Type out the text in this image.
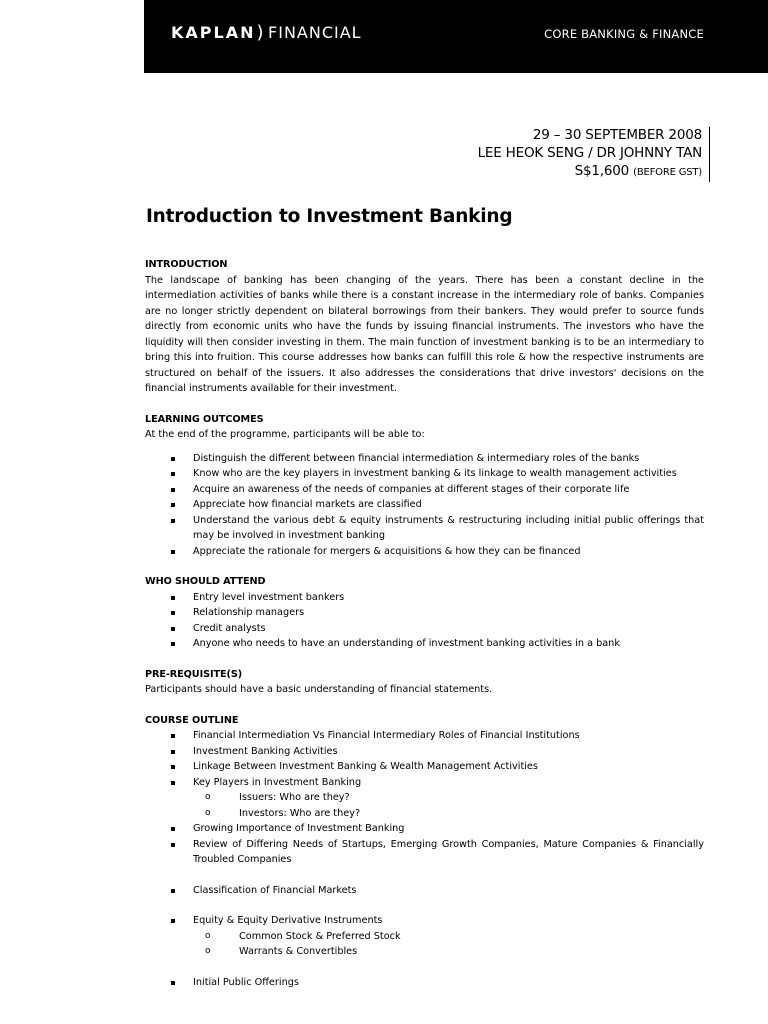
KAPLAN) FINANCIAL	CORE BANKING & FINANCE
29 – 30 SEPTEMBER 2008
LEE HEOK SENG / DR JOHNNY TAN
S$1,600 (BEFORE GST)
Introduction to Investment Banking
INTRODUCTION

The landscape of banking has been changing of the years. There has been a constant decline in the intermediation activities of banks while there is a constant increase in the intermediary role of banks. Companies are no longer strictly dependent on bilateral borrowings from their bankers. They would prefer to source funds directly from economic units who have the funds by issuing financial instruments. The investors who have the liquidity will then consider investing in them. The main function of investment banking is to be an intermediary to bring this into fruition. This course addresses how banks can fulfill this role & how the respective instruments are structured on behalf of the issuers. It also addresses the considerations that drive investors' decisions on the financial instruments available for their investment.

LEARNING OUTCOMES

At the end of the programme, participants will be able to:

Distinguish the different between financial intermediation & intermediary roles of the banks
Know who are the key players in investment banking & its linkage to wealth management activities
Acquire an awareness of the needs of companies at different stages of their corporate life
Appreciate how financial markets are classified
Understand the various debt & equity instruments & restructuring including initial public offerings that may be involved in investment banking
Appreciate the rationale for mergers & acquisitions & how they can be financed
WHO SHOULD ATTEND
Entry level investment bankers
Relationship managers
Credit analysts
Anyone who needs to have an understanding of investment banking activities in a bank
PRE-REQUISITE(S)

Participants should have a basic understanding of financial statements.

COURSE OUTLINE
Financial Intermediation Vs Financial Intermediary Roles of Financial Institutions
Investment Banking Activities
Linkage Between Investment Banking & Wealth Management Activities
Key Players in Investment Banking
o	Issuers: Who are they?
o	Investors: Who are they?
Growing Importance of Investment Banking
Review of Differing Needs of Startups, Emerging Growth Companies, Mature Companies & Financially Troubled Companies
Classification of Financial Markets
Equity & Equity Derivative Instruments
o	Common Stock & Preferred Stock
o	Warrants & Convertibles
Initial Public Offerings
